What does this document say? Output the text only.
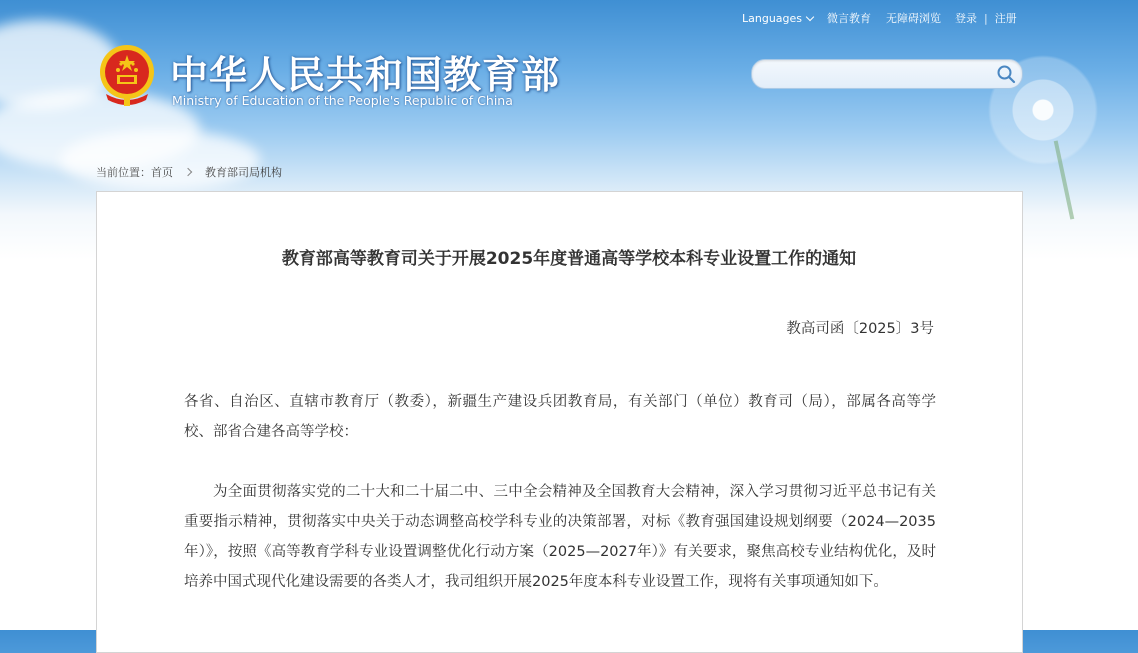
Languages 微言教育 无障碍浏览 登录 | 注册
中华人民共和国教育部
Ministry of Education of the People's Republic of China
当前位置： 首页	教育部司局机构
教育部高等教育司关于开展2025年度普通高等学校本科专业设置工作的通知
教高司函〔2025〕3号
各省、自治区、直辖市教育厅（教委），新疆生产建设兵团教育局，有关部门（单位）教育司（局），部属各高等学校、部省合建各高等学校：
为全面贯彻落实党的二十大和二十届二中、三中全会精神及全国教育大会精神，深入学习贯彻习近平总书记有关重要指示精神，贯彻落实中央关于动态调整高校学科专业的决策部署，对标《教育强国建设规划纲要（2024—2035年）》，按照《高等教育学科专业设置调整优化行动方案（2025—2027年）》有关要求，聚焦高校专业结构优化，及时培养中国式现代化建设需要的各类人才，我司组织开展2025年度本科专业设置工作，现将有关事项通知如下。
